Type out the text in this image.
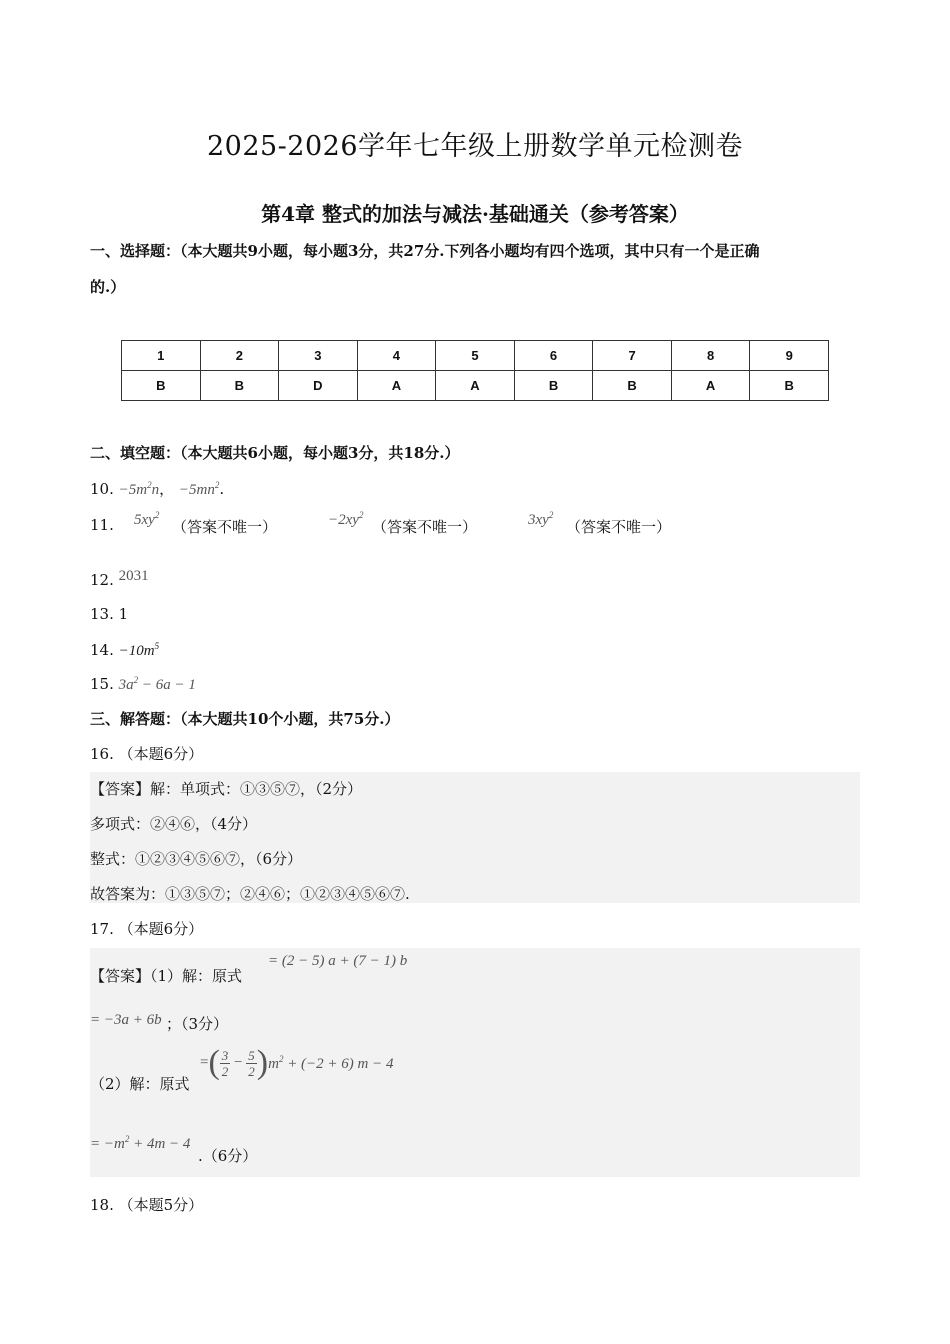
2025-2026学年七年级上册数学单元检测卷
第4章 整式的加法与减法·基础通关（参考答案）
一、选择题：（本大题共9小题，每小题3分，共27分.下列各小题均有四个选项，其中只有一个是正确
的.）
1	2	3	4	5	6	7	8	9
B	B	D	A	A	B	B	A	B
二、填空题：（本大题共6小题，每小题3分，共18分.）
10. $-5m^2n$， $-5mn^2$.
11. $5xy^2$
（答案不唯一）	$-2xy^2$
（答案不唯一）	$3xy^2$
（答案不唯一）
12. 2031
13. 1
14. $-10m^5$
15. $3a^2 - 6a - 1$
三、解答题：（本大题共10个小题，共75分.）
16. （本题6分）
【答案】解：单项式：①③⑤⑦，（2分）
多项式：②④⑥，（4分）
整式：①②③④⑤⑥⑦，（6分）
故答案为：①③⑤⑦；②④⑥；①②③④⑤⑥⑦.
17. （本题6分）
【答案】（1）解：原式
= (2 − 5) a + (7 − 1) b
= −3a + 6b ；（3分）
（2）解：原式
=( $\frac{3}{2} - \frac{5}{2} )m^2 + (-2 + 6)$ m − 4
= $-m^2 + 4m - 4$
.（6分）
18. （本题5分）
